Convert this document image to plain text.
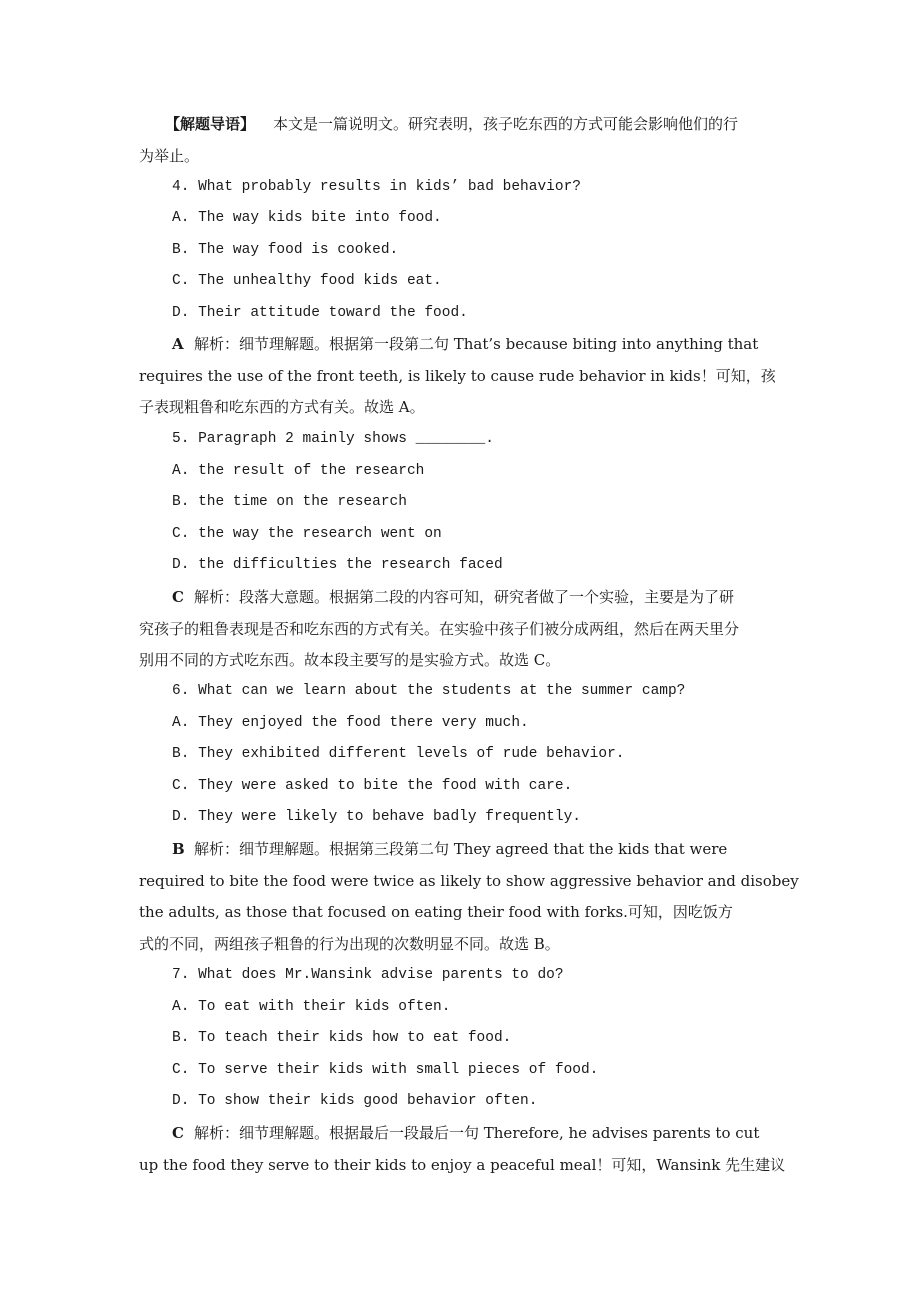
【解题导语】 本文是一篇说明文。研究表明，孩子吃东西的方式可能会影响他们的行
为举止。
4. What probably results in kids’ bad behavior?
A. The way kids bite into food.
B. The way food is cooked.
C. The unhealthy food kids eat.
D. Their attitude toward the food.
A 解析：细节理解题。根据第一段第二句 That’s because biting into anything that
requires the use of the front teeth, is likely to cause rude behavior in kids！可知，孩
子表现粗鲁和吃东西的方式有关。故选 A。
5. Paragraph 2 mainly shows ________.
A. the result of the research
B. the time on the research
C. the way the research went on
D. the difficulties the research faced
C 解析：段落大意题。根据第二段的内容可知，研究者做了一个实验，主要是为了研
究孩子的粗鲁表现是否和吃东西的方式有关。在实验中孩子们被分成两组，然后在两天里分
别用不同的方式吃东西。故本段主要写的是实验方式。故选 C。
6. What can we learn about the students at the summer camp?
A. They enjoyed the food there very much.
B. They exhibited different levels of rude behavior.
C. They were asked to bite the food with care.
D. They were likely to behave badly frequently.
B 解析：细节理解题。根据第三段第二句 They agreed that the kids that were
required to bite the food were twice as likely to show aggressive behavior and disobey
the adults, as those that focused on eating their food with forks.可知，因吃饭方
式的不同，两组孩子粗鲁的行为出现的次数明显不同。故选 B。
7. What does Mr.Wansink advise parents to do?
A. To eat with their kids often.
B. To teach their kids how to eat food.
C. To serve their kids with small pieces of food.
D. To show their kids good behavior often.
C 解析：细节理解题。根据最后一段最后一句 Therefore, he advises parents to cut
up the food they serve to their kids to enjoy a peaceful meal！可知，Wansink 先生建议
